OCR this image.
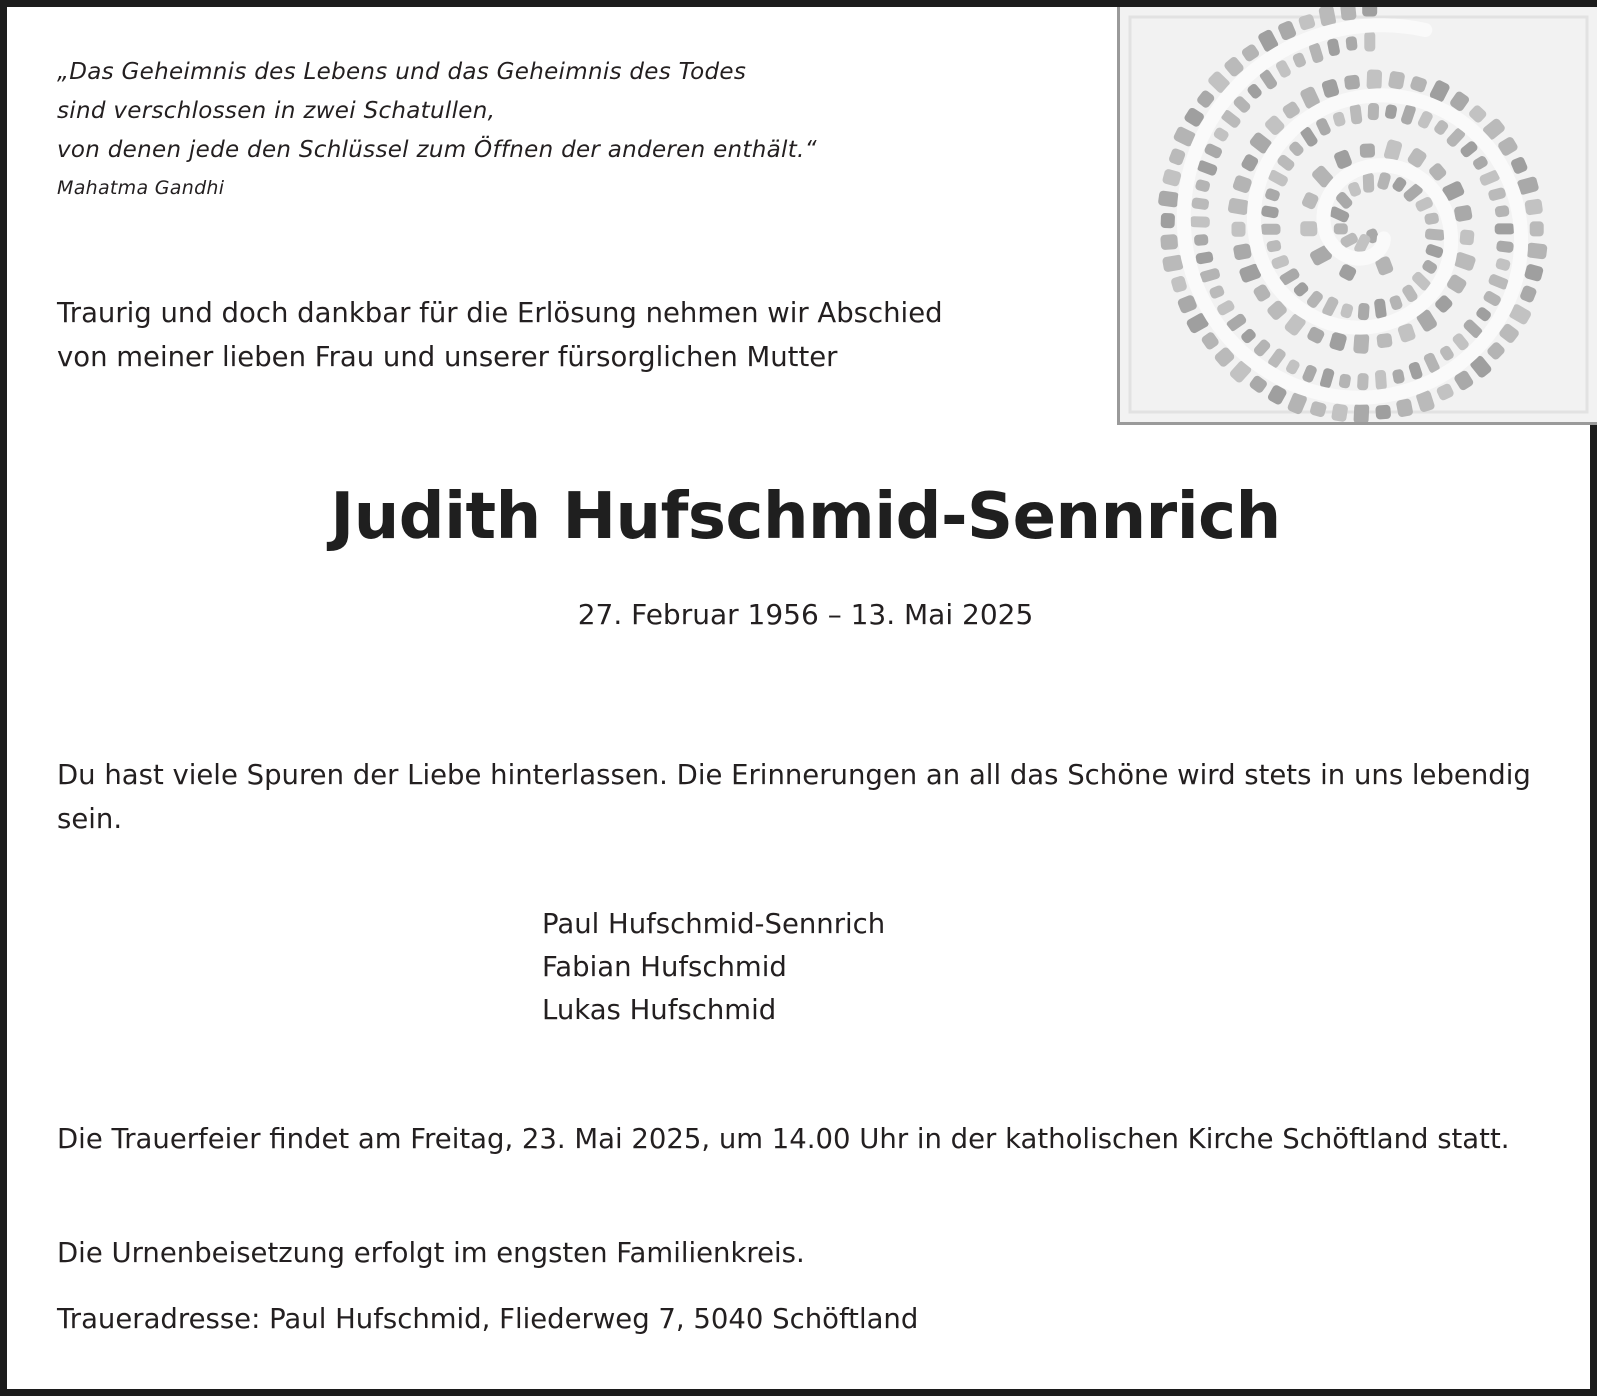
„Das Geheimnis des Lebens und das Geheimnis des Todes
sind verschlossen in zwei Schatullen,
von denen jede den Schlüssel zum Öffnen der anderen enthält.“
Mahatma Gandhi
Traurig und doch dankbar für die Erlösung nehmen wir Abschied
von meiner lieben Frau und unserer fürsorglichen Mutter
Judith Hufschmid-Sennrich
27. Februar 1956 – 13. Mai 2025
Du hast viele Spuren der Liebe hinterlassen. Die Erinnerungen an all das Schöne wird stets in uns lebendig sein.
Paul Hufschmid-Sennrich
Fabian Hufschmid
Lukas Hufschmid
Die Trauerfeier findet am Freitag, 23. Mai 2025, um 14.00 Uhr in der katholischen Kirche Schöftland statt.
Die Urnenbeisetzung erfolgt im engsten Familienkreis.
Traueradresse: Paul Hufschmid, Fliederweg 7, 5040 Schöftland
